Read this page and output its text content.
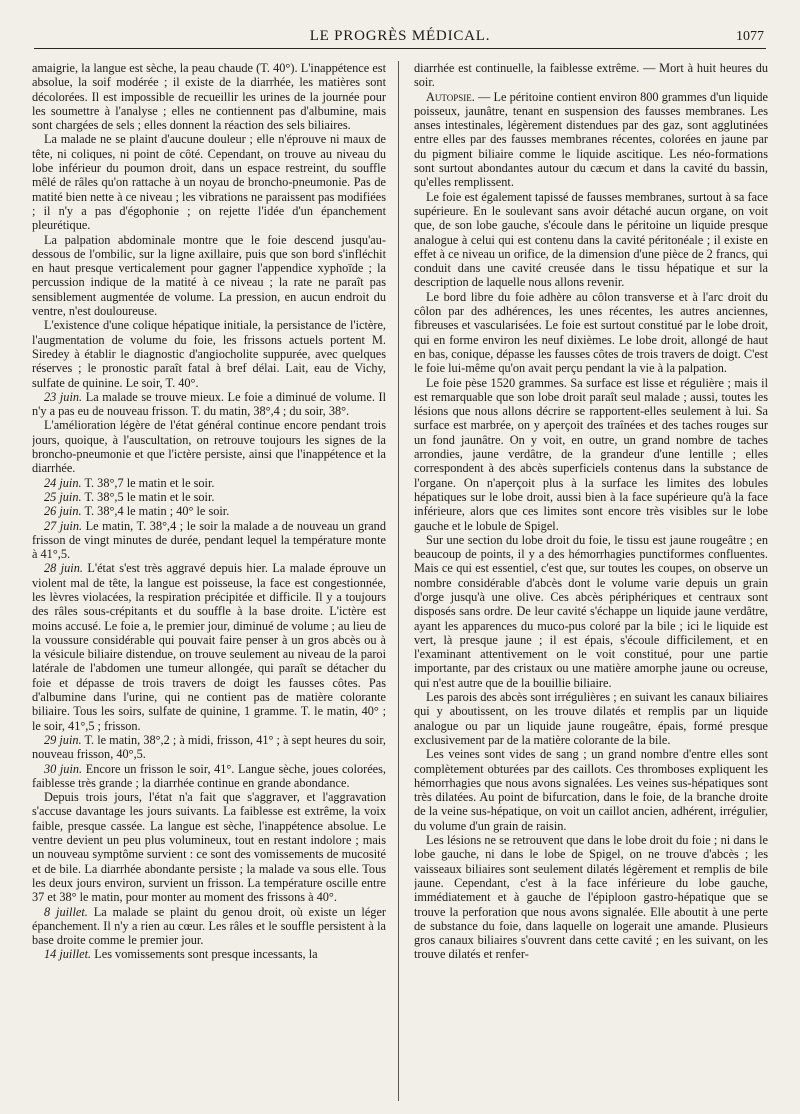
LE PROGRÈS MÉDICAL.	1077

amaigrie, la langue est sèche, la peau chaude (T. 40°). L'inappétence est absolue, la soif modérée ; il existe de la diarrhée, les matières sont décolorées. Il est impossible de recueillir les urines de la journée pour les soumettre à l'analyse ; elles ne contiennent pas d'albumine, mais sont chargées de sels ; elles donnent la réaction des sels biliaires.

La malade ne se plaint d'aucune douleur ; elle n'éprouve ni maux de tête, ni coliques, ni point de côté. Cependant, on trouve au niveau du lobe inférieur du poumon droit, dans un espace restreint, du souffle mêlé de râles qu'on rattache à un noyau de broncho-pneumonie. Pas de matité bien nette à ce niveau ; les vibrations ne paraissent pas modifiées ; il n'y a pas d'égophonie ; on rejette l'idée d'un épanchement pleurétique.

La palpation abdominale montre que le foie descend jusqu'au-dessous de l'ombilic, sur la ligne axillaire, puis que son bord s'infléchit en haut presque verticalement pour gagner l'appendice xyphoïde ; la percussion indique de la matité à ce niveau ; la rate ne paraît pas sensiblement augmentée de volume. La pression, en aucun endroit du ventre, n'est douloureuse.

L'existence d'une colique hépatique initiale, la persistance de l'ictère, l'augmentation de volume du foie, les frissons actuels portent M. Siredey à établir le diagnostic d'angiocholite suppurée, avec quelques réserves ; le pronostic paraît fatal à bref délai. Lait, eau de Vichy, sulfate de quinine. Le soir, T. 40°.

23 juin. La malade se trouve mieux. Le foie a diminué de volume. Il n'y a pas eu de nouveau frisson. T. du matin, 38°,4 ; du soir, 38°.

L'amélioration légère de l'état général continue encore pendant trois jours, quoique, à l'auscultation, on retrouve toujours les signes de la broncho-pneumonie et que l'ictère persiste, ainsi que l'inappétence et la diarrhée.

24 juin. T. 38°,7 le matin et le soir.

25 juin. T. 38°,5 le matin et le soir.

26 juin. T. 38°,4 le matin ; 40° le soir.

27 juin. Le matin, T. 38°,4 ; le soir la malade a de nouveau un grand frisson de vingt minutes de durée, pendant lequel la température monte à 41°,5.

28 juin. L'état s'est très aggravé depuis hier. La malade éprouve un violent mal de tête, la langue est poisseuse, la face est congestionnée, les lèvres violacées, la respiration précipitée et difficile. Il y a toujours des râles sous-crépitants et du souffle à la base droite. L'ictère est moins accusé. Le foie a, le premier jour, diminué de volume ; au lieu de la voussure considérable qui pouvait faire penser à un gros abcès ou à la vésicule biliaire distendue, on trouve seulement au niveau de la paroi latérale de l'abdomen une tumeur allongée, qui paraît se détacher du foie et dépasse de trois travers de doigt les fausses côtes. Pas d'albumine dans l'urine, qui ne contient pas de matière colorante biliaire. Tous les soirs, sulfate de quinine, 1 gramme. T. le matin, 40° ; le soir, 41°,5 ; frisson.

29 juin. T. le matin, 38°,2 ; à midi, frisson, 41° ; à sept heures du soir, nouveau frisson, 40°,5.

30 juin. Encore un frisson le soir, 41°. Langue sèche, joues colorées, faiblesse très grande ; la diarrhée continue en grande abondance.

Depuis trois jours, l'état n'a fait que s'aggraver, et l'aggravation s'accuse davantage les jours suivants. La faiblesse est extrême, la voix faible, presque cassée. La langue est sèche, l'inappétence absolue. Le ventre devient un peu plus volumineux, tout en restant indolore ; mais un nouveau symptôme survient : ce sont des vomissements de mucosité et de bile. La diarrhée abondante persiste ; la malade va sous elle. Tous les deux jours environ, survient un frisson. La température oscille entre 37 et 38° le matin, pour monter au moment des frissons à 40°.

8 juillet. La malade se plaint du genou droit, où existe un léger épanchement. Il n'y a rien au cœur. Les râles et le souffle persistent à la base droite comme le premier jour.

14 juillet. Les vomissements sont presque incessants, la

diarrhée est continuelle, la faiblesse extrême. — Mort à huit heures du soir.

Autopsie. — Le péritoine contient environ 800 grammes d'un liquide poisseux, jaunâtre, tenant en suspension des fausses membranes. Les anses intestinales, légèrement distendues par des gaz, sont agglutinées entre elles par des fausses membranes récentes, colorées en jaune par du pigment biliaire comme le liquide ascitique. Les néo-formations sont surtout abondantes autour du cæcum et dans la cavité du bassin, qu'elles remplissent.

Le foie est également tapissé de fausses membranes, surtout à sa face supérieure. En le soulevant sans avoir détaché aucun organe, on voit que, de son lobe gauche, s'écoule dans le péritoine un liquide presque analogue à celui qui est contenu dans la cavité péritonéale ; il existe en effet à ce niveau un orifice, de la dimension d'une pièce de 2 francs, qui conduit dans une cavité creusée dans le tissu hépatique et sur la description de laquelle nous allons revenir.

Le bord libre du foie adhère au côlon transverse et à l'arc droit du côlon par des adhérences, les unes récentes, les autres anciennes, fibreuses et vascularisées. Le foie est surtout constitué par le lobe droit, qui en forme environ les neuf dixièmes. Le lobe droit, allongé de haut en bas, conique, dépasse les fausses côtes de trois travers de doigt. C'est le foie lui-même qu'on avait perçu pendant la vie à la palpation.

Le foie pèse 1520 grammes. Sa surface est lisse et régulière ; mais il est remarquable que son lobe droit paraît seul malade ; aussi, toutes les lésions que nous allons décrire se rapportent-elles seulement à lui. Sa surface est marbrée, on y aperçoit des traînées et des taches rouges sur un fond jaunâtre. On y voit, en outre, un grand nombre de taches arrondies, jaune verdâtre, de la grandeur d'une lentille ; elles correspondent à des abcès superficiels contenus dans la substance de l'organe. On n'aperçoit plus à la surface les limites des lobules hépatiques sur le lobe droit, aussi bien à la face supérieure qu'à la face inférieure, alors que ces limites sont encore très visibles sur le lobe gauche et le lobule de Spigel.

Sur une section du lobe droit du foie, le tissu est jaune rougeâtre ; en beaucoup de points, il y a des hémorrhagies punctiformes confluentes. Mais ce qui est essentiel, c'est que, sur toutes les coupes, on observe un nombre considérable d'abcès dont le volume varie depuis un grain d'orge jusqu'à une olive. Ces abcès périphériques et centraux sont disposés sans ordre. De leur cavité s'échappe un liquide jaune verdâtre, ayant les apparences du muco-pus coloré par la bile ; ici le liquide est vert, là presque jaune ; il est épais, s'écoule difficilement, et en l'examinant attentivement on le voit constitué, pour une partie importante, par des cristaux ou une matière amorphe jaune ou ocreuse, qui n'est autre que de la bouillie biliaire.

Les parois des abcès sont irrégulières ; en suivant les canaux biliaires qui y aboutissent, on les trouve dilatés et remplis par un liquide analogue ou par un liquide jaune rougeâtre, épais, formé presque exclusivement par de la matière colorante de la bile.

Les veines sont vides de sang ; un grand nombre d'entre elles sont complètement obturées par des caillots. Ces thromboses expliquent les hémorrhagies que nous avons signalées. Les veines sus-hépatiques sont très dilatées. Au point de bifurcation, dans le foie, de la branche droite de la veine sus-hépatique, on voit un caillot ancien, adhérent, irrégulier, du volume d'un grain de raisin.

Les lésions ne se retrouvent que dans le lobe droit du foie ; ni dans le lobe gauche, ni dans le lobe de Spigel, on ne trouve d'abcès ; les vaisseaux biliaires sont seulement dilatés légèrement et remplis de bile jaune. Cependant, c'est à la face inférieure du lobe gauche, immédiatement et à gauche de l'épiploon gastro-hépatique que se trouve la perforation que nous avons signalée. Elle aboutit à une perte de substance du foie, dans laquelle on logerait une amande. Plusieurs gros canaux biliaires s'ouvrent dans cette cavité ; en les suivant, on les trouve dilatés et renfer-
